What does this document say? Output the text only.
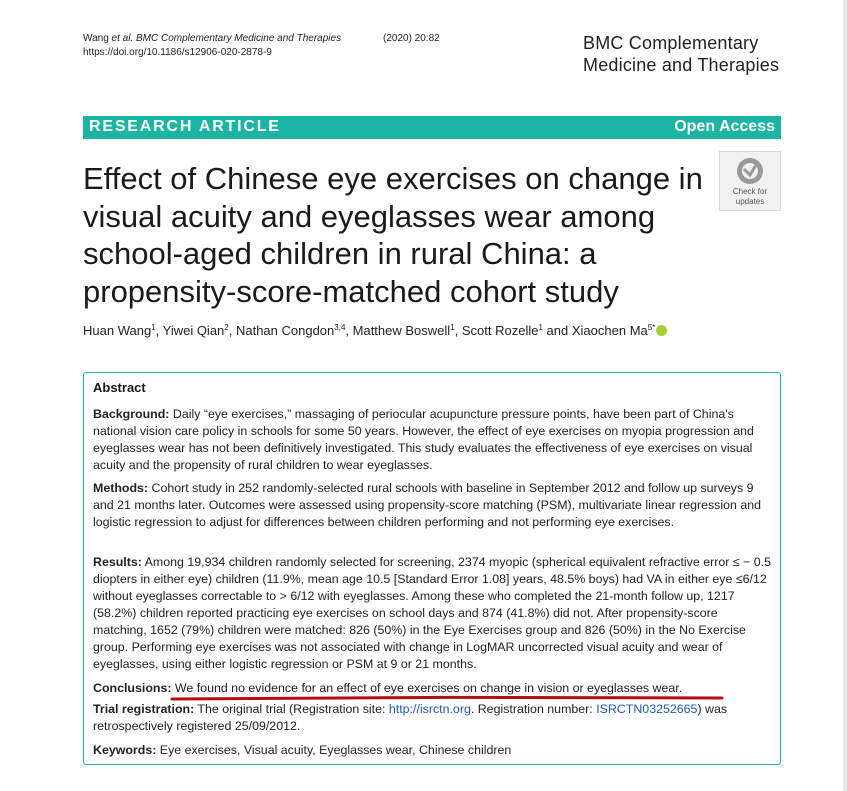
Wang et al. BMC Complementary Medicine and Therapies	(2020) 20:82
https://doi.org/10.1186/s12906-020-2878-9	BMC Complementary
Medicine and Therapies
RESEARCH ARTICLE	Open Access
Effect of Chinese eye exercises on change in visual acuity and eyeglasses wear among school-aged children in rural China: a propensity-score-matched cohort study
Check for
updates
Huan Wang$^1$, Yiwei Qian$^2$, Nathan Congdon$^{3,4}$, Matthew Boswell$^1$, Scott Rozelle$^1$ and Xiaochen $Ma^{5*}$
Abstract

Background: Daily “eye exercises,” massaging of periocular acupuncture pressure points, have been part of China's national vision care policy in schools for some 50 years. However, the effect of eye exercises on myopia progression and eyeglasses wear has not been definitively investigated. This study evaluates the effectiveness of eye exercises on visual acuity and the propensity of rural children to wear eyeglasses.

Methods: Cohort study in 252 randomly-selected rural schools with baseline in September 2012 and follow up surveys 9 and 21 months later. Outcomes were assessed using propensity-score matching (PSM), multivariate linear regression and logistic regression to adjust for differences between children performing and not performing eye exercises.

Results: Among 19,934 children randomly selected for screening, 2374 myopic (spherical equivalent refractive error ≤ − 0.5 diopters in either eye) children (11.9%, mean age 10.5 [Standard Error 1.08] years, 48.5% boys) had VA in either eye ≤6/12 without eyeglasses correctable to > 6/12 with eyeglasses. Among these who completed the 21-month follow up, 1217 (58.2%) children reported practicing eye exercises on school days and 874 (41.8%) did not. After propensity-score matching, 1652 (79%) children were matched: 826 (50%) in the Eye Exercises group and 826 (50%) in the No Exercise group. Performing eye exercises was not associated with change in LogMAR uncorrected visual acuity and wear of eyeglasses, using either logistic regression or PSM at 9 or 21 months.

Conclusions: We found no evidence for an effect of eye exercises on change in vision or eyeglasses wear.

Trial registration: The original trial (Registration site: http://isrctn.org. Registration number: ISRCTN03252665) was retrospectively registered 25/09/2012.

Keywords: Eye exercises, Visual acuity, Eyeglasses wear, Chinese children
